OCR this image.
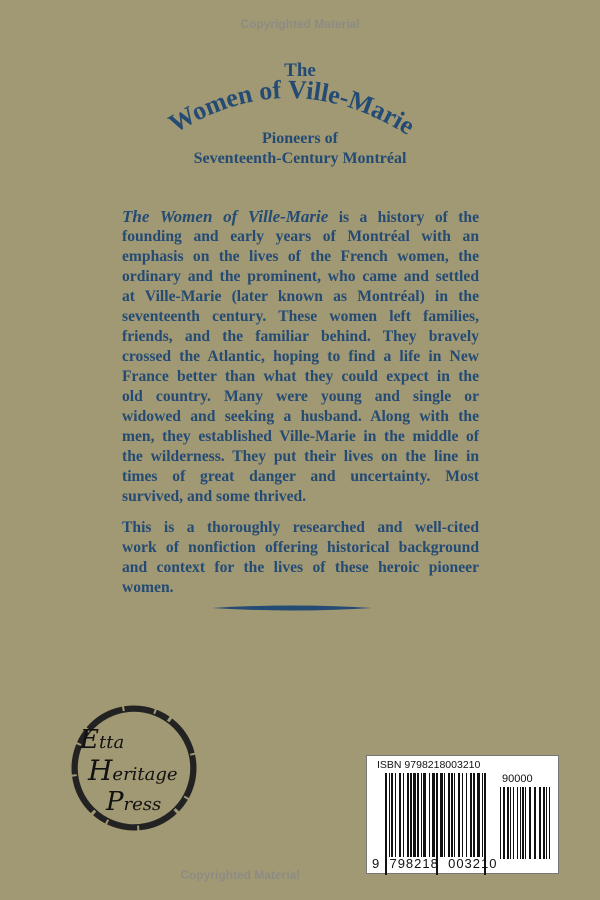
Copyrighted Material
The
Women of Ville-Marie
Pioneers of
Seventeenth-Century Montréal
The Women of Ville-Marie is a history of the
founding and early years of Montréal with an
emphasis on the lives of the French women, the
ordinary and the prominent, who came and settled
at Ville-Marie (later known as Montréal) in the
seventeenth century. These women left families,
friends, and the familiar behind. They bravely
crossed the Atlantic, hoping to find a life in New
France better than what they could expect in the
old country. Many were young and single or
widowed and seeking a husband. Along with the
men, they established Ville-Marie in the middle of
the wilderness. They put their lives on the line in
times of great danger and uncertainty. Most
survived, and some thrived.
This is a thoroughly researched and well-cited
work of nonfiction offering historical background
and context for the lives of these heroic pioneer
women.
Etta
Heritage
Press
Copyrighted Material
ISBN 9798218003210
90000
9 798218 003210
